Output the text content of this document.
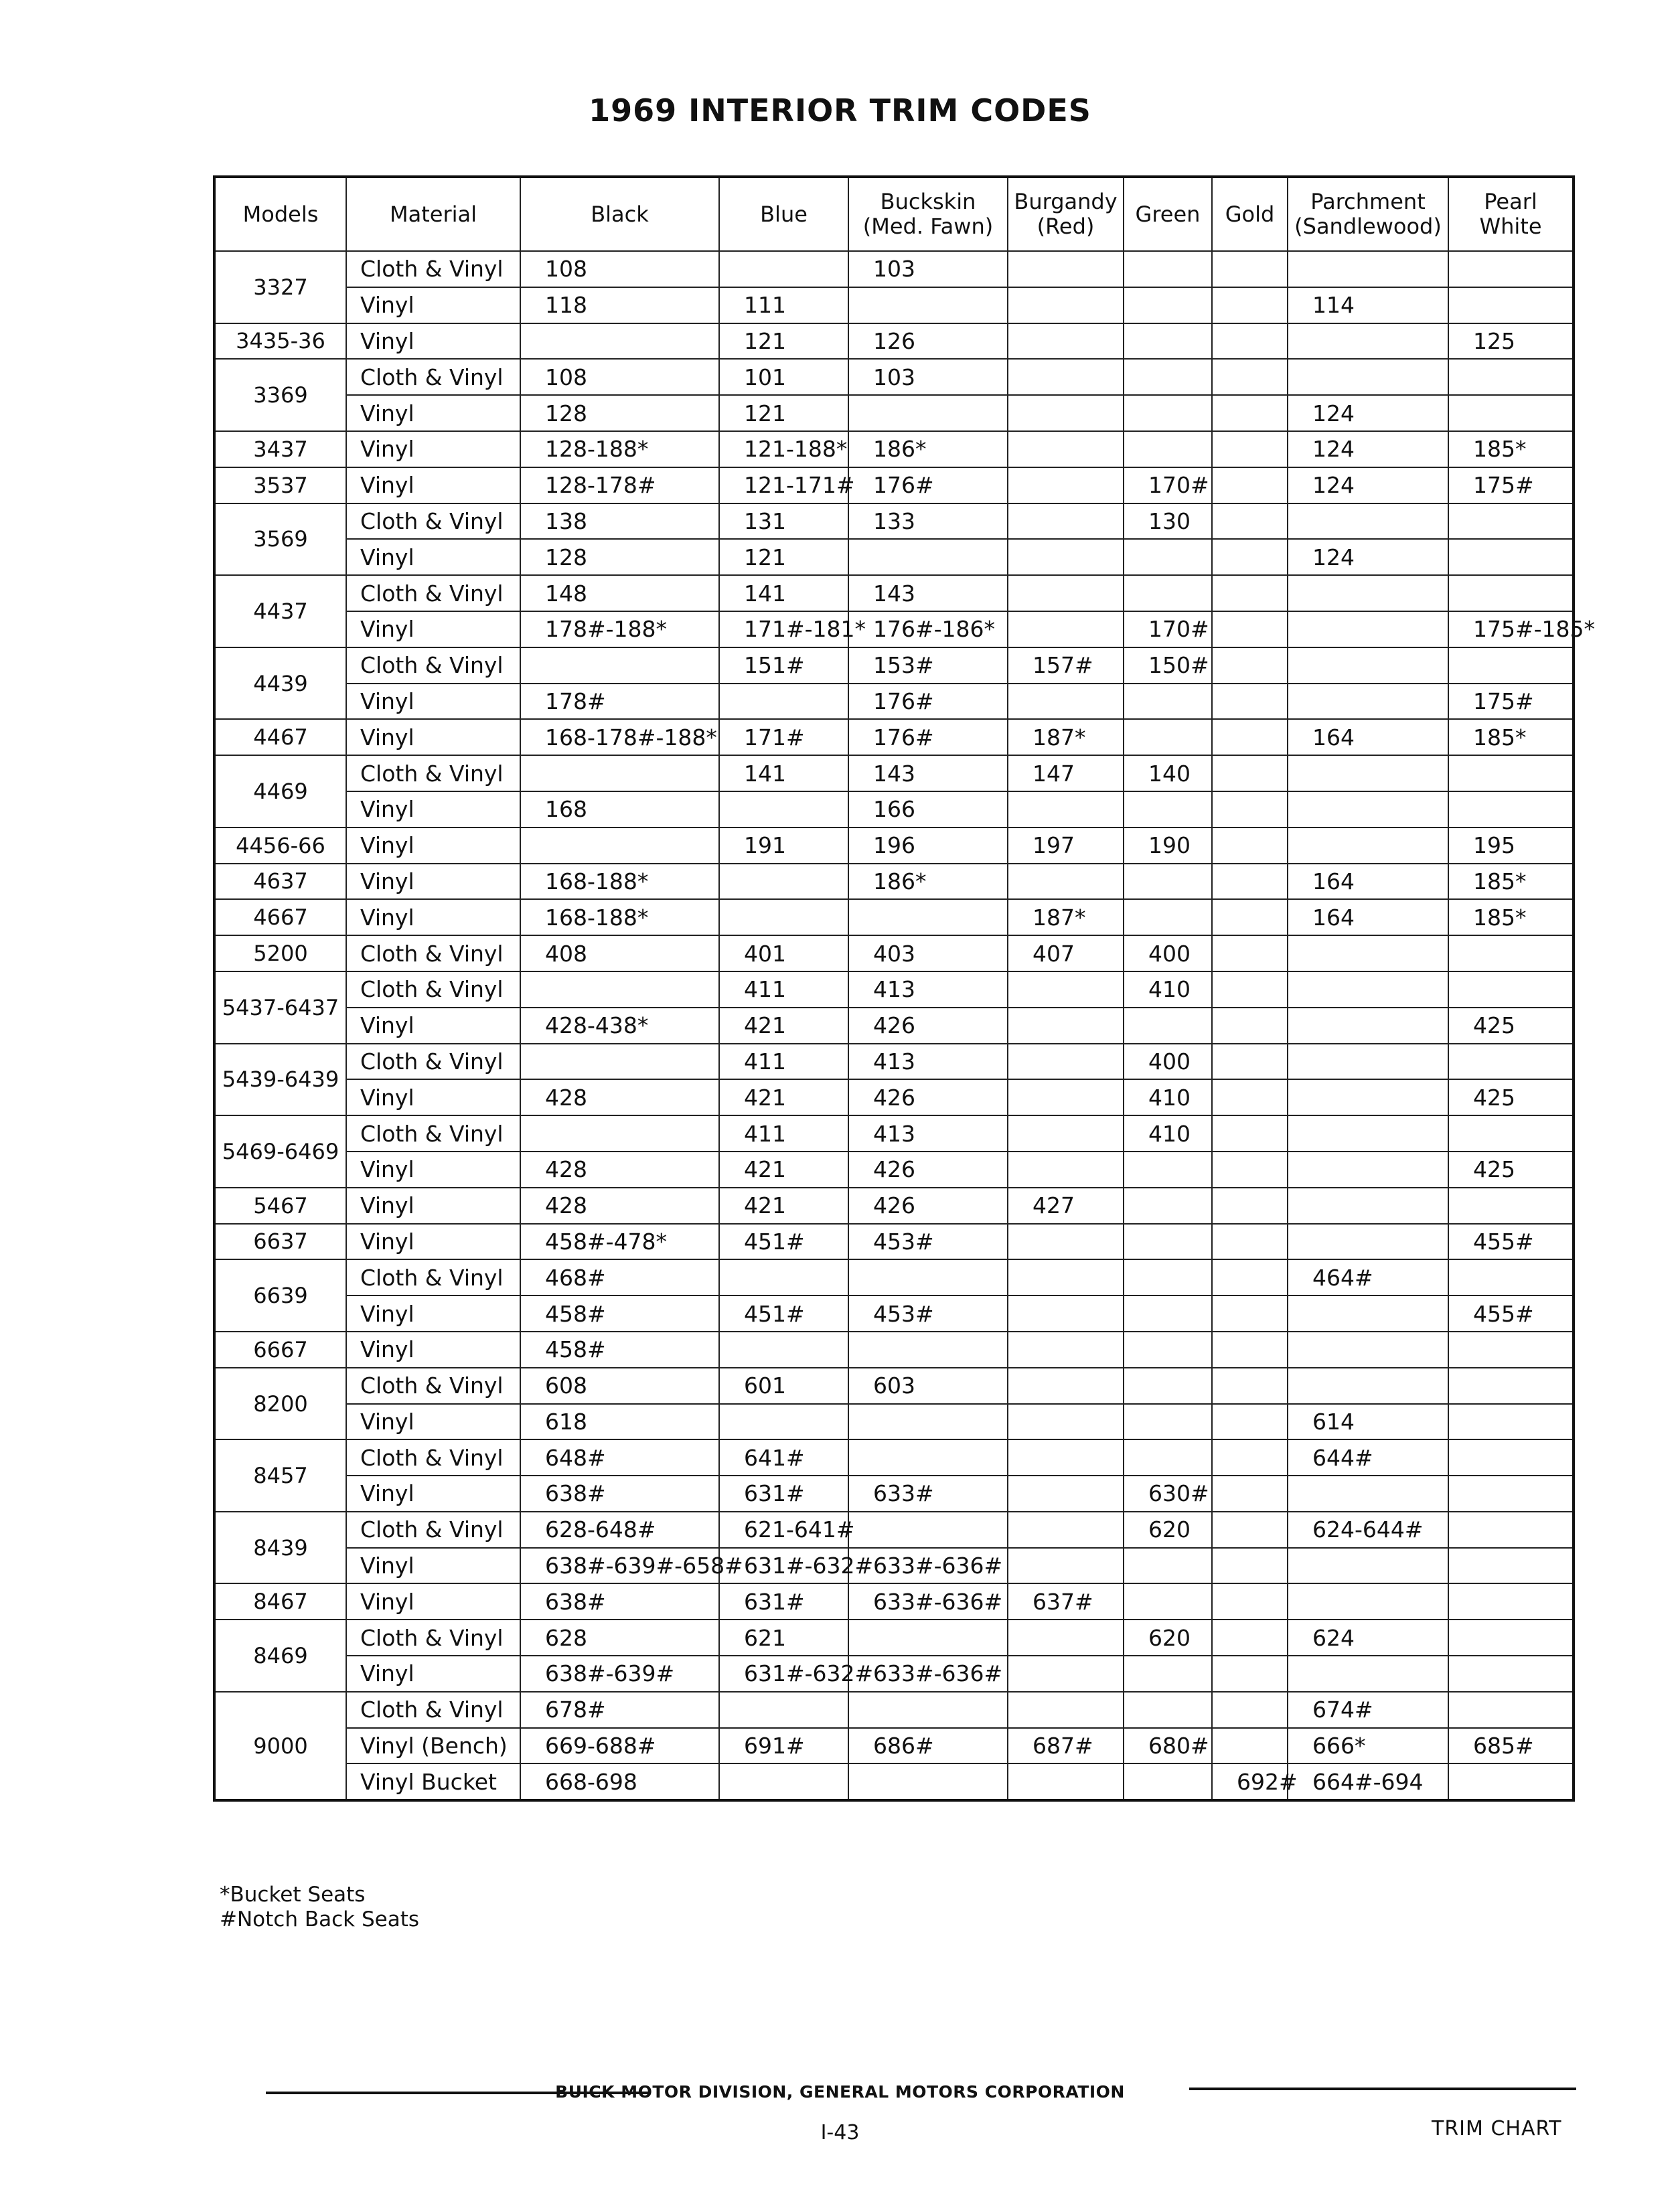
1969 INTERIOR TRIM CODES
Models	Material	Black	Blue	Buckskin (Med. Fawn)	Burgandy (Red)	Green	Gold	Parchment (Sandlewood)	Pearl White
3327	Cloth & Vinyl	108		103					
	Vinyl	118	111					114	
3435-36	Vinyl		121	126					125
3369	Cloth & Vinyl	108	101	103					
	Vinyl	128	121					124	
3437	Vinyl	128-188*	121-188*	186*				124	185*
3537	Vinyl	128-178#	121-171#	176#		170#		124	175#
3569	Cloth & Vinyl	138	131	133		130			
	Vinyl	128	121					124	
4437	Cloth & Vinyl	148	141	143					
	Vinyl	178#-188*	171#-181*	176#-186*		170#			175#-185*
4439	Cloth & Vinyl		151#	153#	157#	150#			
	Vinyl	178#		176#					175#
4467	Vinyl	168-178#-188*	171#	176#	187*			164	185*
4469	Cloth & Vinyl		141	143	147	140			
	Vinyl	168		166					
4456-66	Vinyl		191	196	197	190			195
4637	Vinyl	168-188*		186*				164	185*
4667	Vinyl	168-188*			187*			164	185*
5200	Cloth & Vinyl	408	401	403	407	400			
5437-6437	Cloth & Vinyl		411	413		410			
	Vinyl	428-438*	421	426					425
5439-6439	Cloth & Vinyl		411	413		400			
	Vinyl	428	421	426		410			425
5469-6469	Cloth & Vinyl		411	413		410			
	Vinyl	428	421	426					425
5467	Vinyl	428	421	426	427				
6637	Vinyl	458#-478*	451#	453#					455#
6639	Cloth & Vinyl	468#						464#	
	Vinyl	458#	451#	453#					455#
6667	Vinyl	458#							
8200	Cloth & Vinyl	608	601	603					
	Vinyl	618						614	
8457	Cloth & Vinyl	648#	641#					644#	
	Vinyl	638#	631#	633#		630#			
8439	Cloth & Vinyl	628-648#	621-641#			620		624-644#	
	Vinyl	638#-639#-658#	631#-632#	633#-636#					
8467	Vinyl	638#	631#	633#-636#	637#				
8469	Cloth & Vinyl	628	621			620		624	
	Vinyl	638#-639#	631#-632#	633#-636#					
9000	Cloth & Vinyl	678#						674#	
	Vinyl (Bench)	669-688#	691#	686#	687#	680#		666*	685#
	Vinyl Bucket	668-698					692#	664#-694	
*Bucket Seats
#Notch Back Seats
BUICK MOTOR DIVISION, GENERAL MOTORS CORPORATION
I-43	TRIM CHART
